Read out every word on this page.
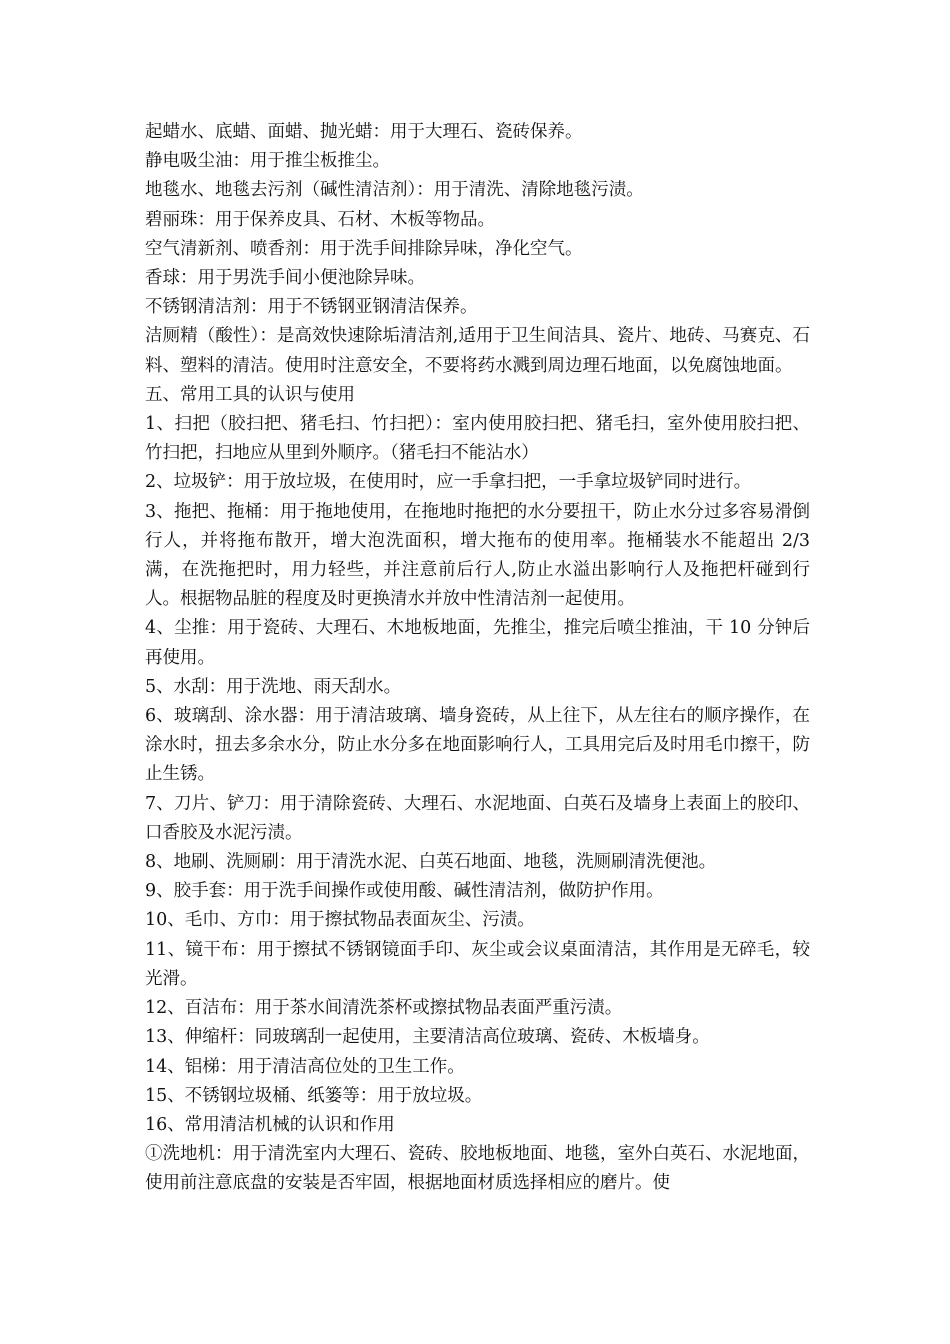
起蜡水、底蜡、面蜡、抛光蜡：用于大理石、瓷砖保养。

静电吸尘油：用于推尘板推尘。

地毯水、地毯去污剂（碱性清洁剂）：用于清洗、清除地毯污渍。

碧丽珠：用于保养皮具、石材、木板等物品。

空气清新剂、喷香剂：用于洗手间排除异味，净化空气。

香球：用于男洗手间小便池除异味。

不锈钢清洁剂：用于不锈钢亚钢清洁保养。

洁厕精（酸性）：是高效快速除垢清洁剂,适用于卫生间洁具、瓷片、地砖、马赛克、石料、塑料的清洁。使用时注意安全，不要将药水溅到周边理石地面，以免腐蚀地面。

五、常用工具的认识与使用

1、扫把（胶扫把、猪毛扫、竹扫把）：室内使用胶扫把、猪毛扫，室外使用胶扫把、竹扫把，扫地应从里到外顺序。（猪毛扫不能沾水）

2、垃圾铲：用于放垃圾，在使用时，应一手拿扫把，一手拿垃圾铲同时进行。

3、拖把、拖桶：用于拖地使用，在拖地时拖把的水分要扭干，防止水分过多容易滑倒行人，并将拖布散开，增大泡洗面积，增大拖布的使用率。拖桶装水不能超出 2/3 满，在洗拖把时，用力轻些，并注意前后行人,防止水溢出影响行人及拖把杆碰到行人。根据物品脏的程度及时更换清水并放中性清洁剂一起使用。

4、尘推：用于瓷砖、大理石、木地板地面，先推尘，推完后喷尘推油，干 10 分钟后再使用。

5、水刮：用于洗地、雨天刮水。

6、玻璃刮、涂水器：用于清洁玻璃、墙身瓷砖，从上往下，从左往右的顺序操作，在涂水时，扭去多余水分，防止水分多在地面影响行人，工具用完后及时用毛巾擦干，防止生锈。

7、刀片、铲刀：用于清除瓷砖、大理石、水泥地面、白英石及墙身上表面上的胶印、口香胶及水泥污渍。

8、地刷、洗厕刷：用于清洗水泥、白英石地面、地毯，洗厕刷清洗便池。

9、胶手套：用于洗手间操作或使用酸、碱性清洁剂，做防护作用。

10、毛巾、方巾：用于擦拭物品表面灰尘、污渍。

11、镜干布：用于擦拭不锈钢镜面手印、灰尘或会议桌面清洁，其作用是无碎毛，较光滑。

12、百洁布：用于茶水间清洗茶杯或擦拭物品表面严重污渍。

13、伸缩杆：同玻璃刮一起使用，主要清洁高位玻璃、瓷砖、木板墙身。

14、铝梯：用于清洁高位处的卫生工作。

15、不锈钢垃圾桶、纸篓等：用于放垃圾。

16、常用清洁机械的认识和作用

①洗地机：用于清洗室内大理石、瓷砖、胶地板地面、地毯，室外白英石、水泥地面，使用前注意底盘的安装是否牢固，根据地面材质选择相应的磨片。使
